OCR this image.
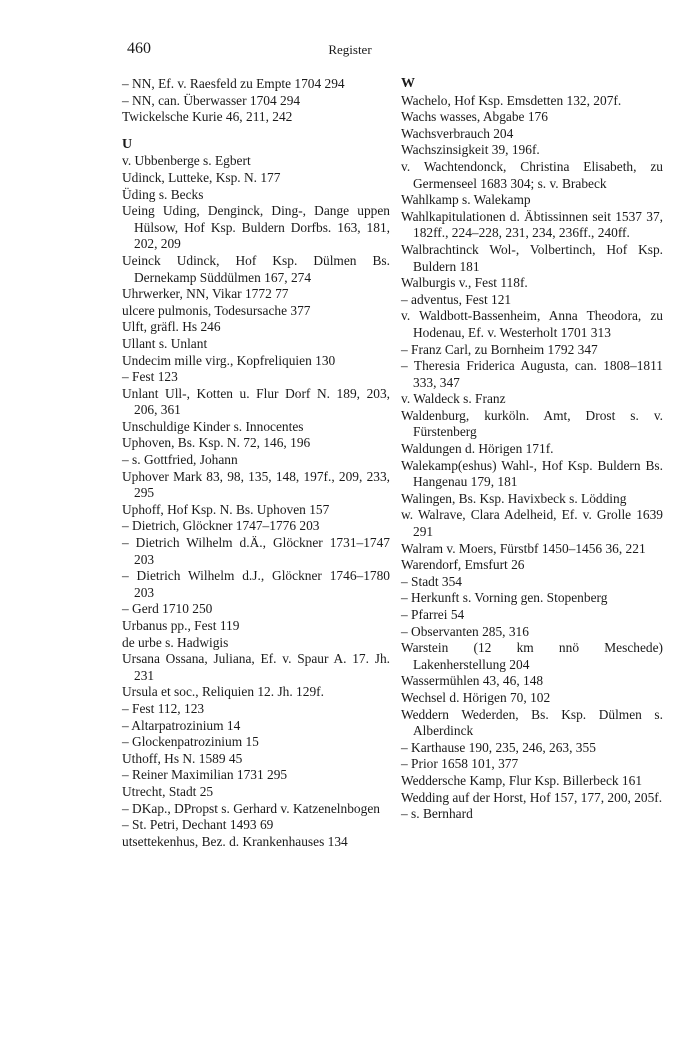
460	Register
– NN, Ef. v. Raesfeld zu Empte 1704 294
– NN, can. Überwasser 1704 294
Twickelsche Kurie 46, 211, 242
U
v. Ubbenberge s. Egbert
Udinck, Lutteke, Ksp. N. 177
Üding s. Becks
Ueing Uding, Denginck, Ding-, Dange uppen Hülsow, Hof Ksp. Buldern Dorfbs. 163, 181, 202, 209
Ueinck Udinck, Hof Ksp. Dülmen Bs. Dernekamp Süddülmen 167, 274
Uhrwerker, NN, Vikar 1772 77
ulcere pulmonis, Todesursache 377
Ulft, gräfl. Hs 246
Ullant s. Unlant
Undecim mille virg., Kopfreliquien 130
– Fest 123
Unlant Ull-, Kotten u. Flur Dorf N. 189, 203, 206, 361
Unschuldige Kinder s. Innocentes
Uphoven, Bs. Ksp. N. 72, 146, 196
– s. Gottfried, Johann
Uphover Mark 83, 98, 135, 148, 197f., 209, 233, 295
Uphoff, Hof Ksp. N. Bs. Uphoven 157
– Dietrich, Glöckner 1747–1776 203
– Dietrich Wilhelm d.Ä., Glöckner 1731–1747 203
– Dietrich Wilhelm d.J., Glöckner 1746–1780 203
– Gerd 1710 250
Urbanus pp., Fest 119
de urbe s. Hadwigis
Ursana Ossana, Juliana, Ef. v. Spaur A. 17. Jh. 231
Ursula et soc., Reliquien 12. Jh. 129f.
– Fest 112, 123
– Altarpatrozinium 14
– Glockenpatrozinium 15
Uthoff, Hs N. 1589 45
– Reiner Maximilian 1731 295
Utrecht, Stadt 25
– DKap., DPropst s. Gerhard v. Katzenelnbogen
– St. Petri, Dechant 1493 69
utsettekenhus, Bez. d. Krankenhauses 134
W
Wachelo, Hof Ksp. Emsdetten 132, 207f.
Wachs wasses, Abgabe 176
Wachsverbrauch 204
Wachszinsigkeit 39, 196f.
v. Wachtendonck, Christina Elisabeth, zu Germenseel 1683 304; s. v. Brabeck
Wahlkamp s. Walekamp
Wahlkapitulationen d. Äbtissinnen seit 1537 37, 182ff., 224–228, 231, 234, 236ff., 240ff.
Walbrachtinck Wol-, Volbertinch, Hof Ksp. Buldern 181
Walburgis v., Fest 118f.
– adventus, Fest 121
v. Waldbott-Bassenheim, Anna Theodora, zu Hodenau, Ef. v. Westerholt 1701 313
– Franz Carl, zu Bornheim 1792 347
– Theresia Friderica Augusta, can. 1808–1811 333, 347
v. Waldeck s. Franz
Waldenburg, kurköln. Amt, Drost s. v. Fürstenberg
Waldungen d. Hörigen 171f.
Walekamp(eshus) Wahl-, Hof Ksp. Buldern Bs. Hangenau 179, 181
Walingen, Bs. Ksp. Havixbeck s. Lödding
w. Walrave, Clara Adelheid, Ef. v. Grolle 1639 291
Walram v. Moers, Fürstbf 1450–1456 36, 221
Warendorf, Emsfurt 26
– Stadt 354
– Herkunft s. Vorning gen. Stopenberg
– Pfarrei 54
– Observanten 285, 316
Warstein (12 km nnö Meschede) Lakenherstellung 204
Wassermühlen 43, 46, 148
Wechsel d. Hörigen 70, 102
Weddern Wederden, Bs. Ksp. Dülmen s. Alberdinck
– Karthause 190, 235, 246, 263, 355
– Prior 1658 101, 377
Weddersche Kamp, Flur Ksp. Billerbeck 161
Wedding auf der Horst, Hof 157, 177, 200, 205f.
– s. Bernhard
